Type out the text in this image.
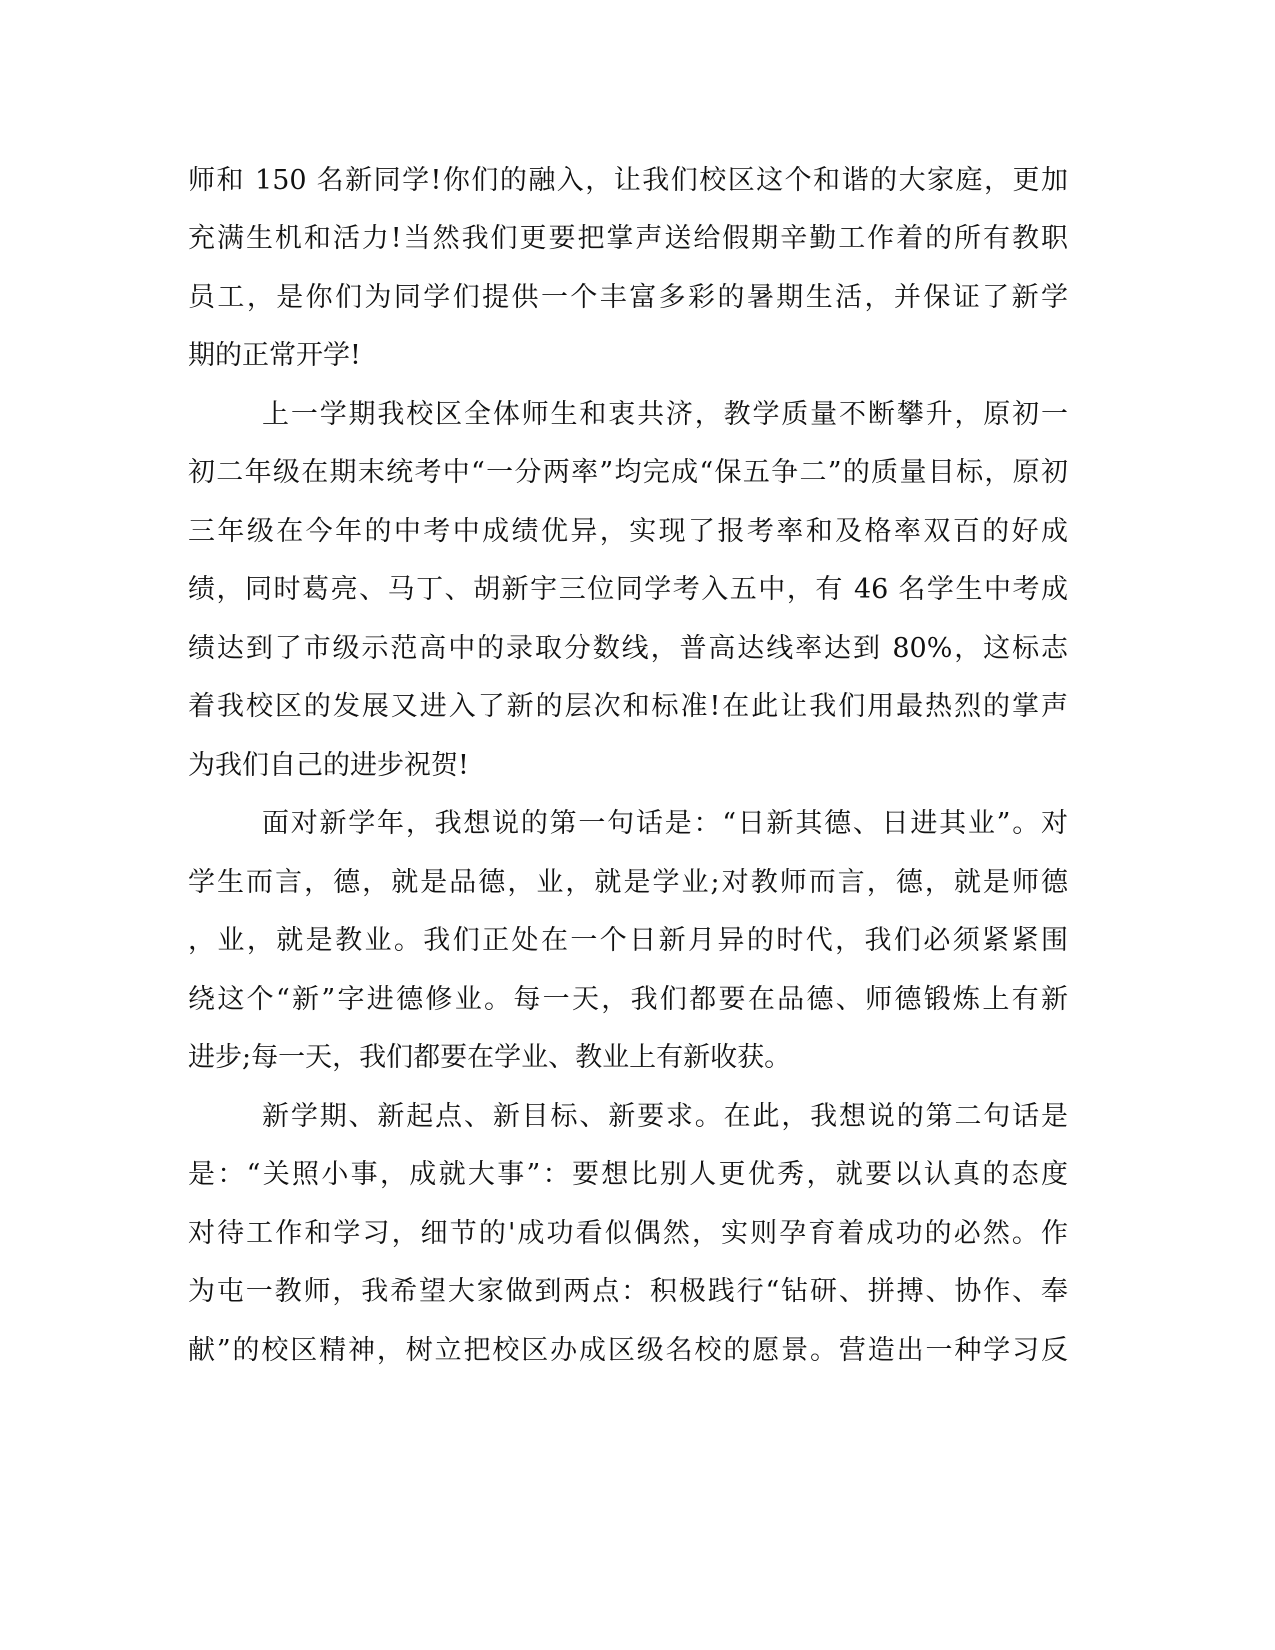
师和 150 名新同学!你们的融入，让我们校区这个和谐的大家庭，更加
充满生机和活力!当然我们更要把掌声送给假期辛勤工作着的所有教职
员工，是你们为同学们提供一个丰富多彩的暑期生活，并保证了新学
期的正常开学!
上一学期我校区全体师生和衷共济，教学质量不断攀升，原初一
初二年级在期末统考中“一分两率”均完成“保五争二”的质量目标，原初
三年级在今年的中考中成绩优异，实现了报考率和及格率双百的好成
绩，同时葛亮、马丁、胡新宇三位同学考入五中，有 46 名学生中考成
绩达到了市级示范高中的录取分数线，普高达线率达到 80%，这标志
着我校区的发展又进入了新的层次和标准!在此让我们用最热烈的掌声
为我们自己的进步祝贺!
面对新学年，我想说的第一句话是：“日新其德、日进其业”。对
学生而言，德，就是品德，业，就是学业;对教师而言，德，就是师德
，业，就是教业。我们正处在一个日新月异的时代，我们必须紧紧围
绕这个“新”字进德修业。每一天，我们都要在品德、师德锻炼上有新
进步;每一天，我们都要在学业、教业上有新收获。
新学期、新起点、新目标、新要求。在此，我想说的第二句话是
是：“关照小事，成就大事”：要想比别人更优秀，就要以认真的态度
对待工作和学习，细节的'成功看似偶然，实则孕育着成功的必然。作
为屯一教师，我希望大家做到两点：积极践行“钻研、拼搏、协作、奉
献”的校区精神，树立把校区办成区级名校的愿景。营造出一种学习反
